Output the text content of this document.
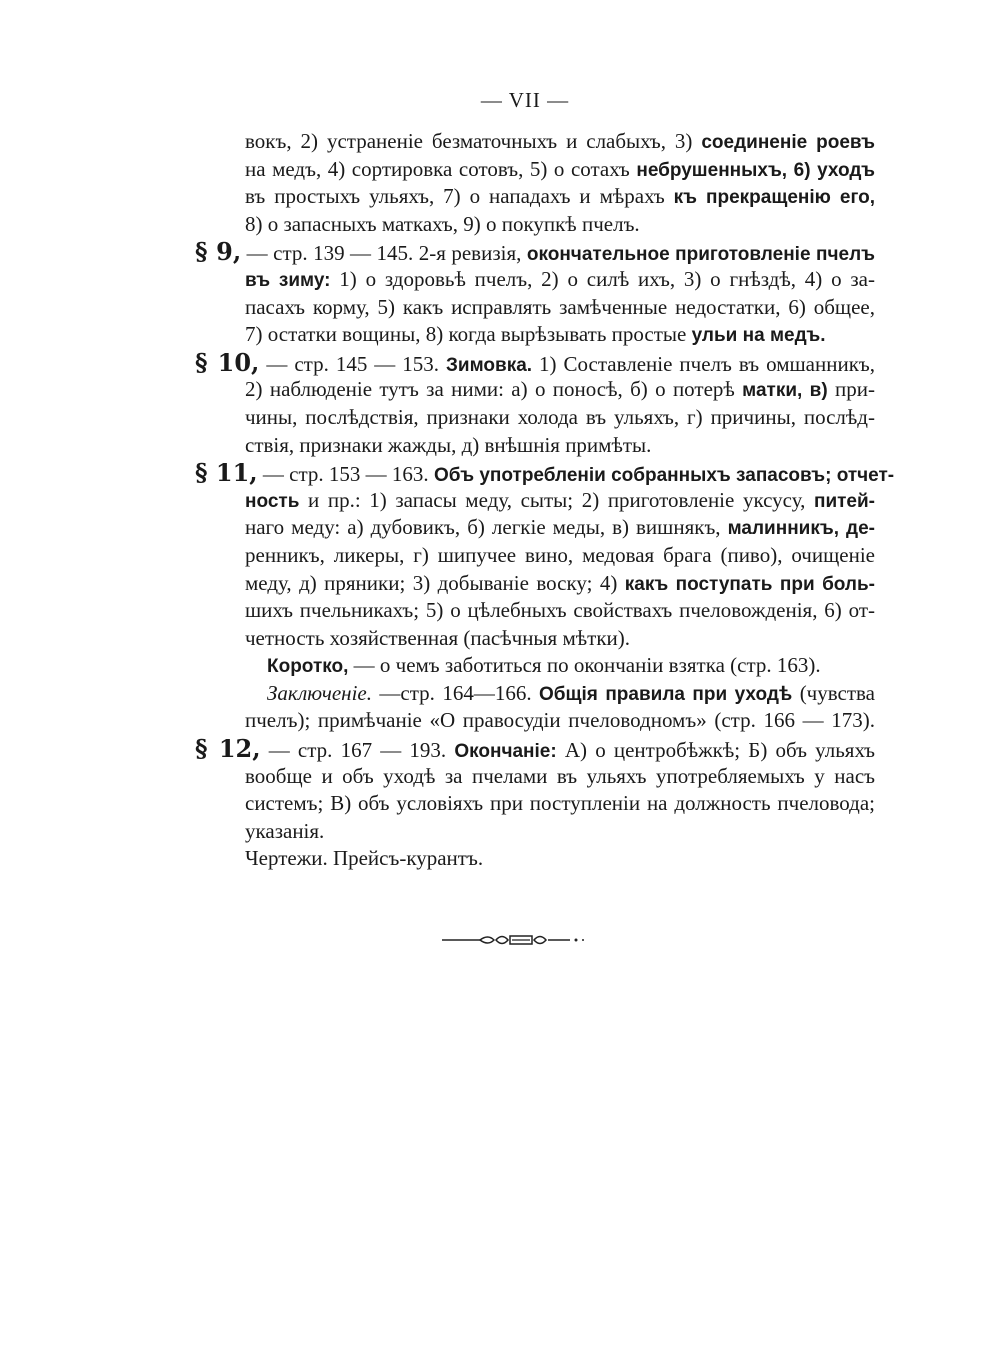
— VII —
вокъ, 2) устраненіе безматочныхъ и слабыхъ, 3) соединеніе роевъ
на медъ, 4) сортировка сотовъ, 5) о сотахъ небрушенныхъ, 6) уходъ
въ простыхъ ульяхъ, 7) о нападахъ и мѣрахъ къ прекращенію его,
8) о запасныхъ маткахъ, 9) о покупкѣ пчелъ.
§ 9, — стр. 139 — 145. 2-я ревизія, окончательное приготовленіе пчелъ
въ зиму: 1) о здоровьѣ пчелъ, 2) о силѣ ихъ, 3) о гнѣздѣ, 4) о за-
пасахъ корму, 5) какъ исправлять замѣченные недостатки, 6) общее,
7) остатки вощины, 8) когда вырѣзывать простые ульи на медъ.
§ 10, — стр. 145 — 153. Зимовка. 1) Составленіе пчелъ въ омшанникъ,
2) наблюденіе тутъ за ними: а) о поносѣ, б) о потерѣ матки, в) при-
чины, послѣдствія, признаки холода въ ульяхъ, г) причины, послѣд-
ствія, признаки жажды, д) внѣшнія примѣты.
§ 11, — стр. 153 — 163. Объ употребленіи собранныхъ запасовъ; отчет-
ность и пр.: 1) запасы меду, сыты; 2) приготовленіе уксусу, питей-
наго меду: а) дубовикъ, б) легкіе меды, в) вишнякъ, малинникъ, де-
ренникъ, ликеры, г) шипучее вино, медовая брага (пиво), очищеніе
меду, д) пряники; 3) добываніе воску; 4) какъ поступать при боль-
шихъ пчельникахъ; 5) о цѣлебныхъ свойствахъ пчеловожденія, 6) от-
четность хозяйственная (пасѣчныя мѣтки).
Коротко, — о чемъ заботиться по окончаніи взятка (стр. 163).
Заключеніе. —стр. 164—166. Общія правила при уходѣ (чувства
пчелъ); примѣчаніе «О правосудіи пчеловодномъ» (стр. 166 — 173).
§ 12, — стр. 167 — 193. Окончаніе: А) о центробѣжкѣ; Б) объ ульяхъ
вообще и объ уходѣ за пчелами въ ульяхъ употребляемыхъ у насъ
системъ; В) объ условіяхъ при поступленіи на должность пчеловода;
указанія.
Чертежи. Прейсъ-курантъ.
